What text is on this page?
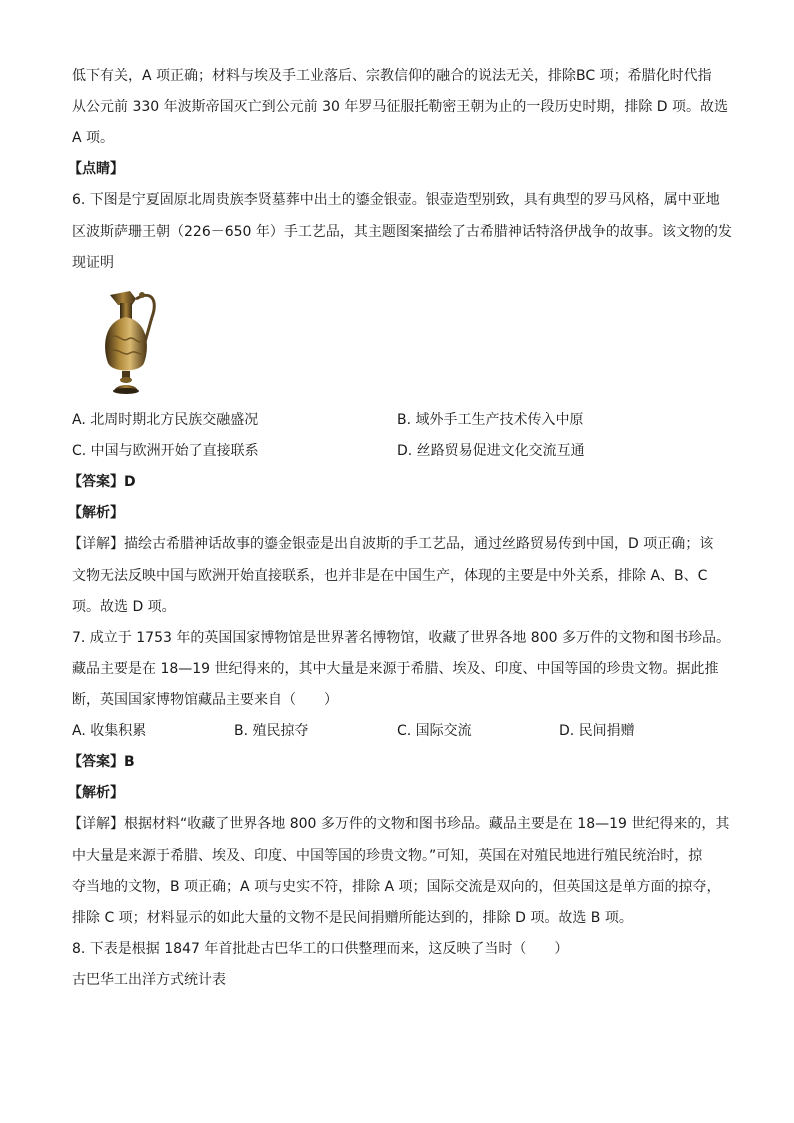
低下有关，A 项正确；材料与埃及手工业落后、宗教信仰的融合的说法无关，排除BC 项；希腊化时代指
从公元前 330 年波斯帝国灭亡到公元前 30 年罗马征服托勒密王朝为止的一段历史时期，排除 D 项。故选
A 项。
【点睛】
6. 下图是宁夏固原北周贵族李贤墓葬中出土的鎏金银壶。银壶造型别致，具有典型的罗马风格，属中亚地
区波斯萨珊王朝（226－650 年）手工艺品，其主题图案描绘了古希腊神话特洛伊战争的故事。该文物的发
现证明
A. 北周时期北方民族交融盛况	B. 域外手工生产技术传入中原
C. 中国与欧洲开始了直接联系	D. 丝路贸易促进文化交流互通
【答案】D
【解析】
【详解】描绘古希腊神话故事的鎏金银壶是出自波斯的手工艺品，通过丝路贸易传到中国，D 项正确；该
文物无法反映中国与欧洲开始直接联系，也并非是在中国生产，体现的主要是中外关系，排除 A、B、C
项。故选 D 项。
7. 成立于 1753 年的英国国家博物馆是世界著名博物馆，收藏了世界各地 800 多万件的文物和图书珍品。
藏品主要是在 18—19 世纪得来的，其中大量是来源于希腊、埃及、印度、中国等国的珍贵文物。据此推
断，英国国家博物馆藏品主要来自（　　）
A. 收集积累	B. 殖民掠夺	C. 国际交流	D. 民间捐赠
【答案】B
【解析】
【详解】根据材料“收藏了世界各地 800 多万件的文物和图书珍品。藏品主要是在 18—19 世纪得来的，其
中大量是来源于希腊、埃及、印度、中国等国的珍贵文物。”可知，英国在对殖民地进行殖民统治时，掠
夺当地的文物，B 项正确；A 项与史实不符，排除 A 项；国际交流是双向的，但英国这是单方面的掠夺，
排除 C 项；材料显示的如此大量的文物不是民间捐赠所能达到的，排除 D 项。故选 B 项。
8. 下表是根据 1847 年首批赴古巴华工的口供整理而来，这反映了当时（　　）
古巴华工出洋方式统计表
